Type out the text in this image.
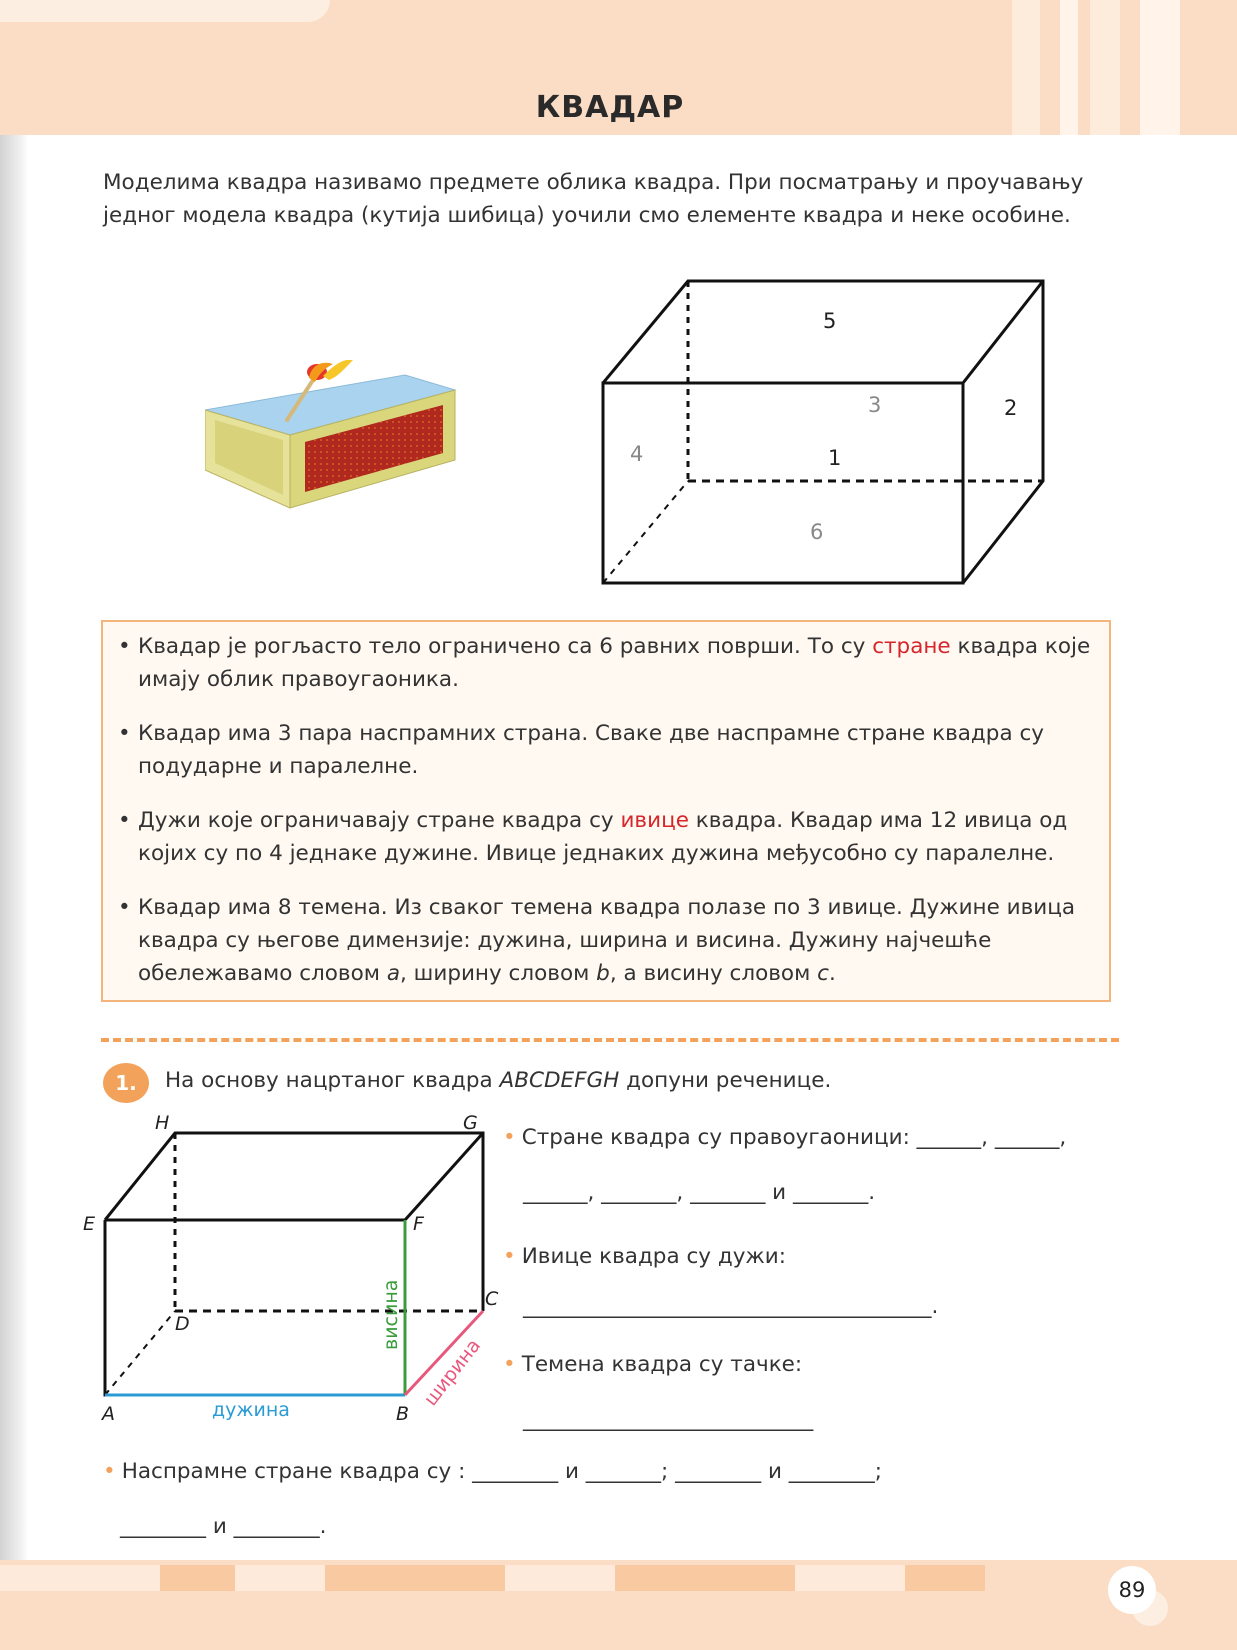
КВАДАР

Моделима квадра називамо предмете облика квадра. При посматрању и проучавању једног модела квадра (кутија шибица) уочили смо елементе квадра и неке особине.

1
2
3
4
5
6
• Квадар је рогљасто тело ограничено са 6 равних површи. То су стране квадра које имају облик правоугаоника.
• Квадар има 3 пара наспрамних страна. Сваке две наспрамне стране квадра су подударне и паралелне.
• Дужи које ограничавају стране квадра су ивице квадра. Квадар има 12 ивица од којих су по 4 једнаке дужине. Ивице једнаких дужина међусобно су паралелне.
• Квадар има 8 темена. Из сваког темена квадра полазе по 3 ивице. Дужине ивица квадра су његове димензије: дужина, ширина и висина. Дужину најчешће обележавамо словом a, ширину словом b, а висину словом c.
1.	На основу нацртаног квадра ABCDEFGH допуни реченице.
A	B
C
D
E	F
G
H
дужина
висина
ширина
• Стране квадра су правоугаоници: ______, ______,
______, _______, _______ и _______.
• Ивице квадра су дужи:
______________________________________.
• Темена квадра су тачке:
___________________________
• Наспрамне стране квадра су : ________ и _______; ________ и ________;
________ и ________.
89
